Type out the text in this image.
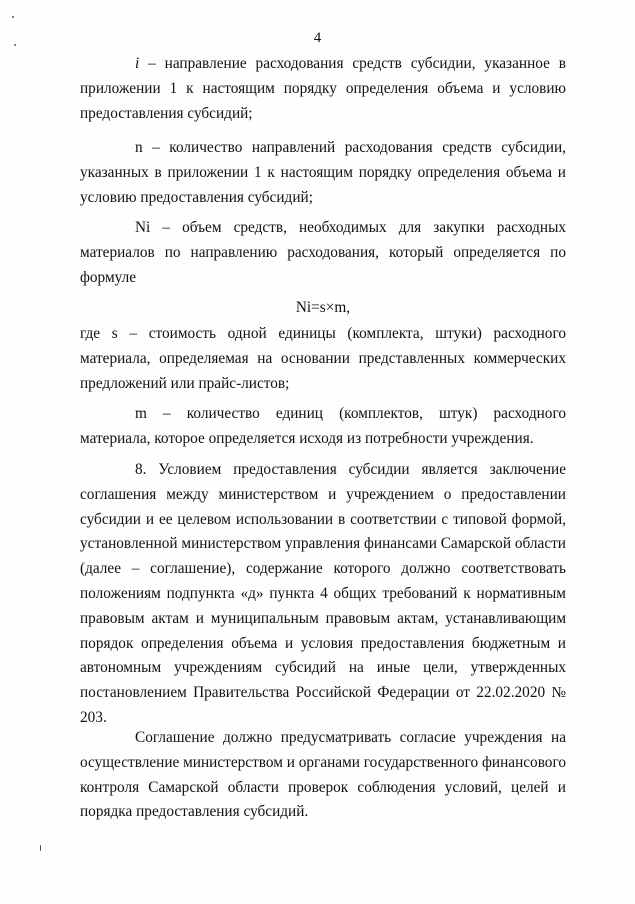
4

i – направление расходования средств субсидии, указанное в приложении 1 к настоящим порядку определения объема и условию предоставления субсидий;

n – количество направлений расходования средств субсидии, указанных в приложении 1 к настоящим порядку определения объема и условию предоставления субсидий;

Ni – объем средств, необходимых для закупки расходных материалов по направлению расходования, который определяется по формуле

Ni=s×m,

где s – стоимость одной единицы (комплекта, штуки) расходного материала, определяемая на основании представленных коммерческих предложений или прайс-листов;

m – количество единиц (комплектов, штук) расходного материала, которое определяется исходя из потребности учреждения.

8. Условием предоставления субсидии является заключение соглашения между министерством и учреждением о предоставлении субсидии и ее целевом использовании в соответствии с типовой формой, установленной министерством управления финансами Самарской области (далее – соглашение), содержание которого должно соответствовать положениям подпункта «д» пункта 4 общих требований к нормативным правовым актам и муниципальным правовым актам, устанавливающим порядок определения объема и условия предоставления бюджетным и автономным учреждениям субсидий на иные цели, утвержденных постановлением Правительства Российской Федерации от 22.02.2020 № 203.

Соглашение должно предусматривать согласие учреждения на осуществление министерством и органами государственного финансового контроля Самарской области проверок соблюдения условий, целей и порядка предоставления субсидий.
